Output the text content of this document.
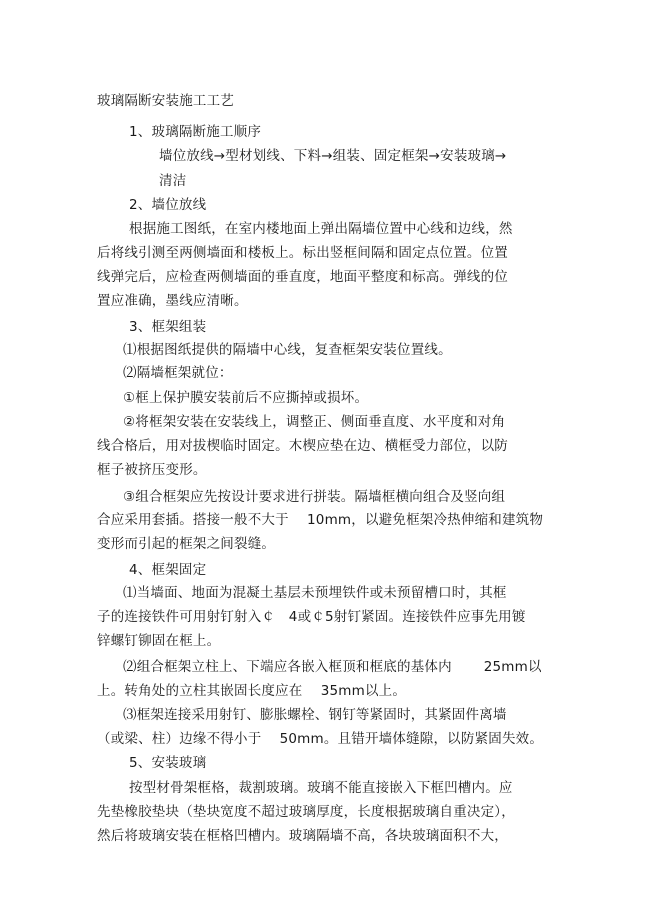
玻璃隔断安装施工工艺
1、玻璃隔断施工顺序
墙位放线→型材划线、下料→组装、固定框架→安装玻璃→
清洁
2、墙位放线
根据施工图纸，在室内楼地面上弹出隔墙位置中心线和边线，然
后将线引测至两侧墙面和楼板上。标出竖框间隔和固定点位置。位置
线弹完后，应检查两侧墙面的垂直度，地面平整度和标高。弹线的位
置应准确，墨线应清晰。
3、框架组装
⑴根据图纸提供的隔墙中心线，复查框架安装位置线。
⑵隔墙框架就位：
①框上保护膜安装前后不应撕掉或损坏。
②将框架安装在安装线上，调整正、侧面垂直度、水平度和对角
线合格后，用对拔楔临时固定。木楔应垫在边、横框受力部位，以防
框子被挤压变形。
③组合框架应先按设计要求进行拼装。隔墙框横向组合及竖向组
合应采用套插。搭接一般不大于　 10mm，以避免框架冷热伸缩和建筑物
变形而引起的框架之间裂缝。
4、框架固定
⑴当墙面、地面为混凝土基层未预埋铁件或未预留槽口时，其框
子的连接铁件可用射钉射入￠　4或￠5射钉紧固。连接铁件应事先用镀
锌螺钉铆固在框上。
⑵组合框架立柱上、下端应各嵌入框顶和框底的基体内　　 25mm以
上。转角处的立柱其嵌固长度应在　 35mm以上。
⑶框架连接采用射钉、膨胀螺栓、钢钉等紧固时，其紧固件离墙
（或梁、柱）边缘不得小于　 50mm。且错开墙体缝隙，以防紧固失效。
5、安装玻璃
按型材骨架框格，裁割玻璃。玻璃不能直接嵌入下框凹槽内。应
先垫橡胶垫块（垫块宽度不超过玻璃厚度，长度根据玻璃自重决定），
然后将玻璃安装在框格凹槽内。玻璃隔墙不高，各块玻璃面积不大，
